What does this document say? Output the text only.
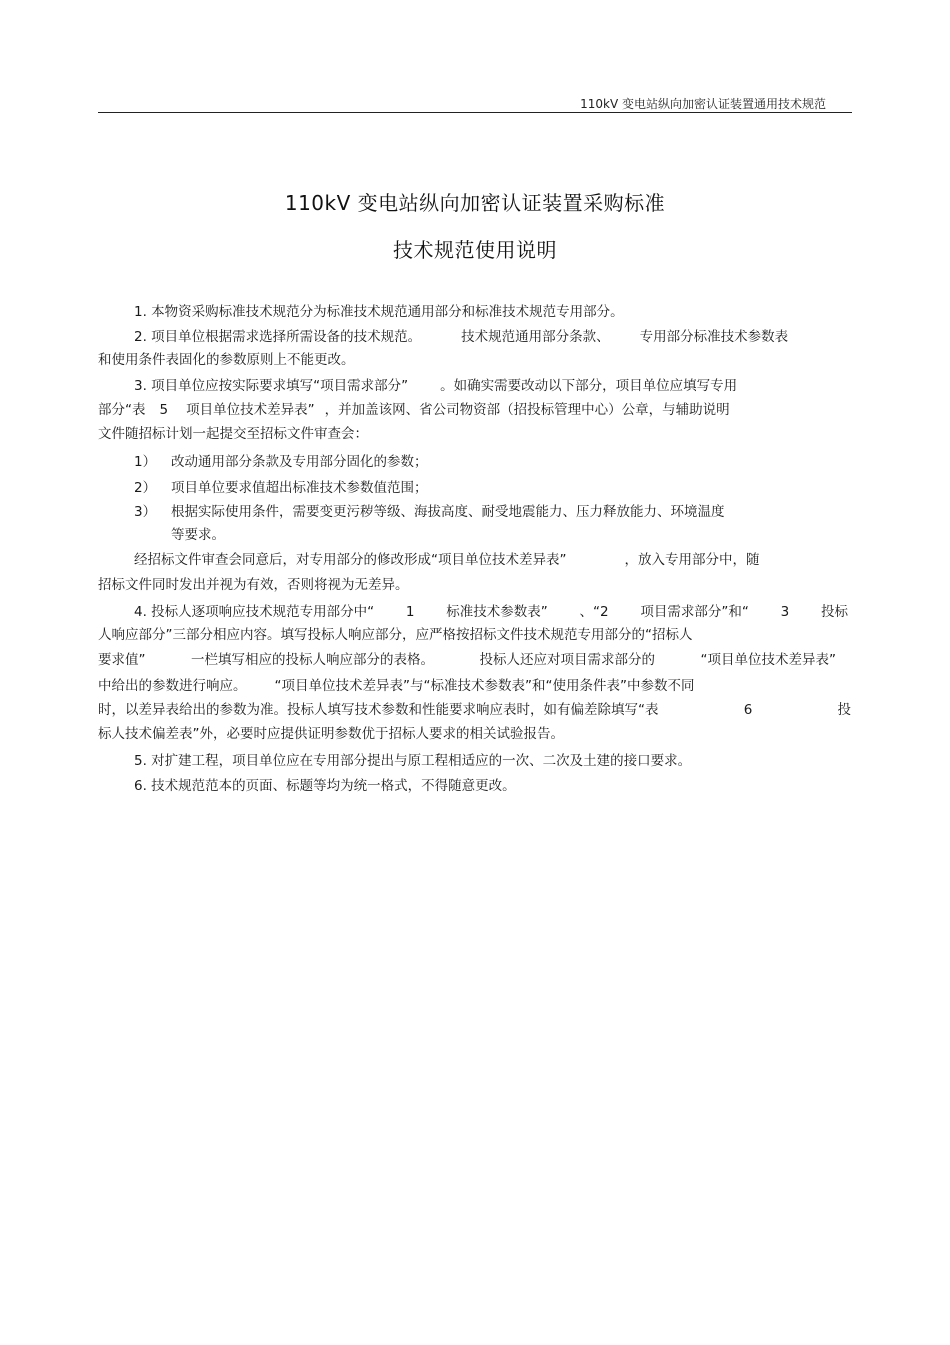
110kV 变电站纵向加密认证装置通用技术规范
110kV 变电站纵向加密认证装置采购标准
技术规范使用说明
1. 本物资采购标准技术规范分为标准技术规范通用部分和标准技术规范专用部分。
2. 项目单位根据需求选择所需设备的技术规范。	技术规范通用部分条款、 专用部分标准技术参数表
和使用条件表固化的参数原则上不能更改。
3. 项目单位应按实际要求填写“项目需求部分” 。如确实需要改动以下部分，项目单位应填写专用
部分“表 5 项目单位技术差异表” ，并加盖该网、省公司物资部（招投标管理中心）公章，与辅助说明
文件随招标计划一起提交至招标文件审查会：
1） 改动通用部分条款及专用部分固化的参数；
2） 项目单位要求值超出标准技术参数值范围；
3） 根据实际使用条件，需要变更污秽等级、海拔高度、耐受地震能力、压力释放能力、环境温度
等要求。
经招标文件审查会同意后，对专用部分的修改形成“项目单位技术差异表”	，放入专用部分中，随
招标文件同时发出并视为有效，否则将视为无差异。
4. 投标人逐项响应技术规范专用部分中“ 1 标准技术参数表” 、“2 项目需求部分”和“ 3 投标
人响应部分”三部分相应内容。填写投标人响应部分，应严格按招标文件技术规范专用部分的“招标人
要求值”	一栏填写相应的投标人响应部分的表格。	投标人还应对项目需求部分的	“项目单位技术差异表”
中给出的参数进行响应。 “项目单位技术差异表”与“标准技术参数表”和“使用条件表”中参数不同
时，以差异表给出的参数为准。投标人填写技术参数和性能要求响应表时，如有偏差除填写“表	6	投
标人技术偏差表”外，必要时应提供证明参数优于招标人要求的相关试验报告。
5. 对扩建工程，项目单位应在专用部分提出与原工程相适应的一次、二次及土建的接口要求。
6. 技术规范范本的页面、标题等均为统一格式，不得随意更改。
